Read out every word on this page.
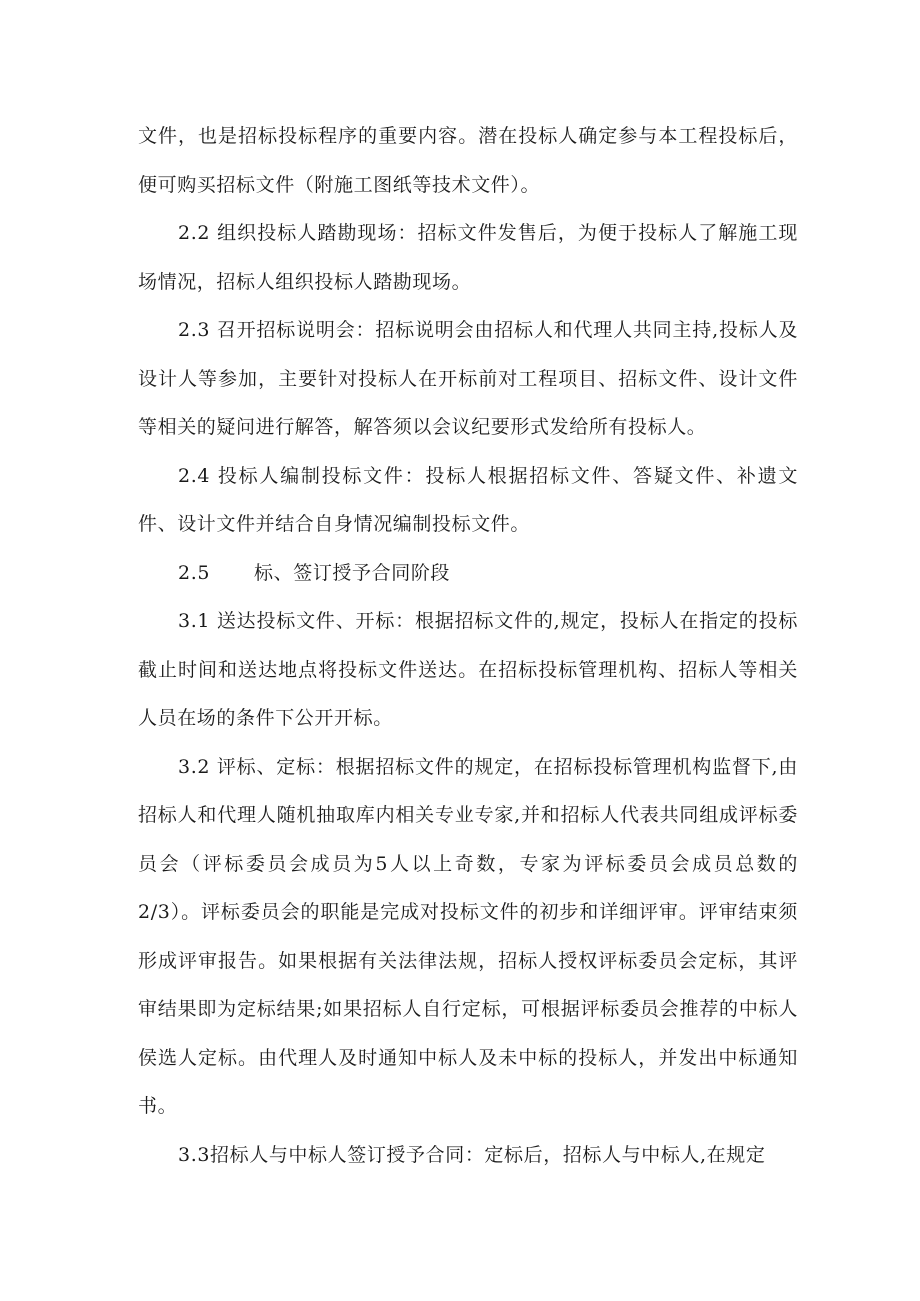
文件，也是招标投标程序的重要内容。潜在投标人确定参与本工程投标后，便可购买招标文件（附施工图纸等技术文件）。

2.2 组织投标人踏勘现场：招标文件发售后，为便于投标人了解施工现场情况，招标人组织投标人踏勘现场。

2.3 召开招标说明会：招标说明会由招标人和代理人共同主持,投标人及设计人等参加，主要针对投标人在开标前对工程项目、招标文件、设计文件等相关的疑问进行解答，解答须以会议纪要形式发给所有投标人。

2.4 投标人编制投标文件：投标人根据招标文件、答疑文件、补遗文件、设计文件并结合自身情况编制投标文件。

2.5 标、签订授予合同阶段

3.1 送达投标文件、开标：根据招标文件的,规定，投标人在指定的投标截止时间和送达地点将投标文件送达。在招标投标管理机构、招标人等相关人员在场的条件下公开开标。

3.2 评标、定标：根据招标文件的规定，在招标投标管理机构监督下,由招标人和代理人随机抽取库内相关专业专家,并和招标人代表共同组成评标委员会（评标委员会成员为5人以上奇数，专家为评标委员会成员总数的2/3）。评标委员会的职能是完成对投标文件的初步和详细评审。评审结束须形成评审报告。如果根据有关法律法规，招标人授权评标委员会定标，其评审结果即为定标结果;如果招标人自行定标，可根据评标委员会推荐的中标人侯选人定标。由代理人及时通知中标人及未中标的投标人，并发出中标通知书。

3.3招标人与中标人签订授予合同：定标后，招标人与中标人,在规定
